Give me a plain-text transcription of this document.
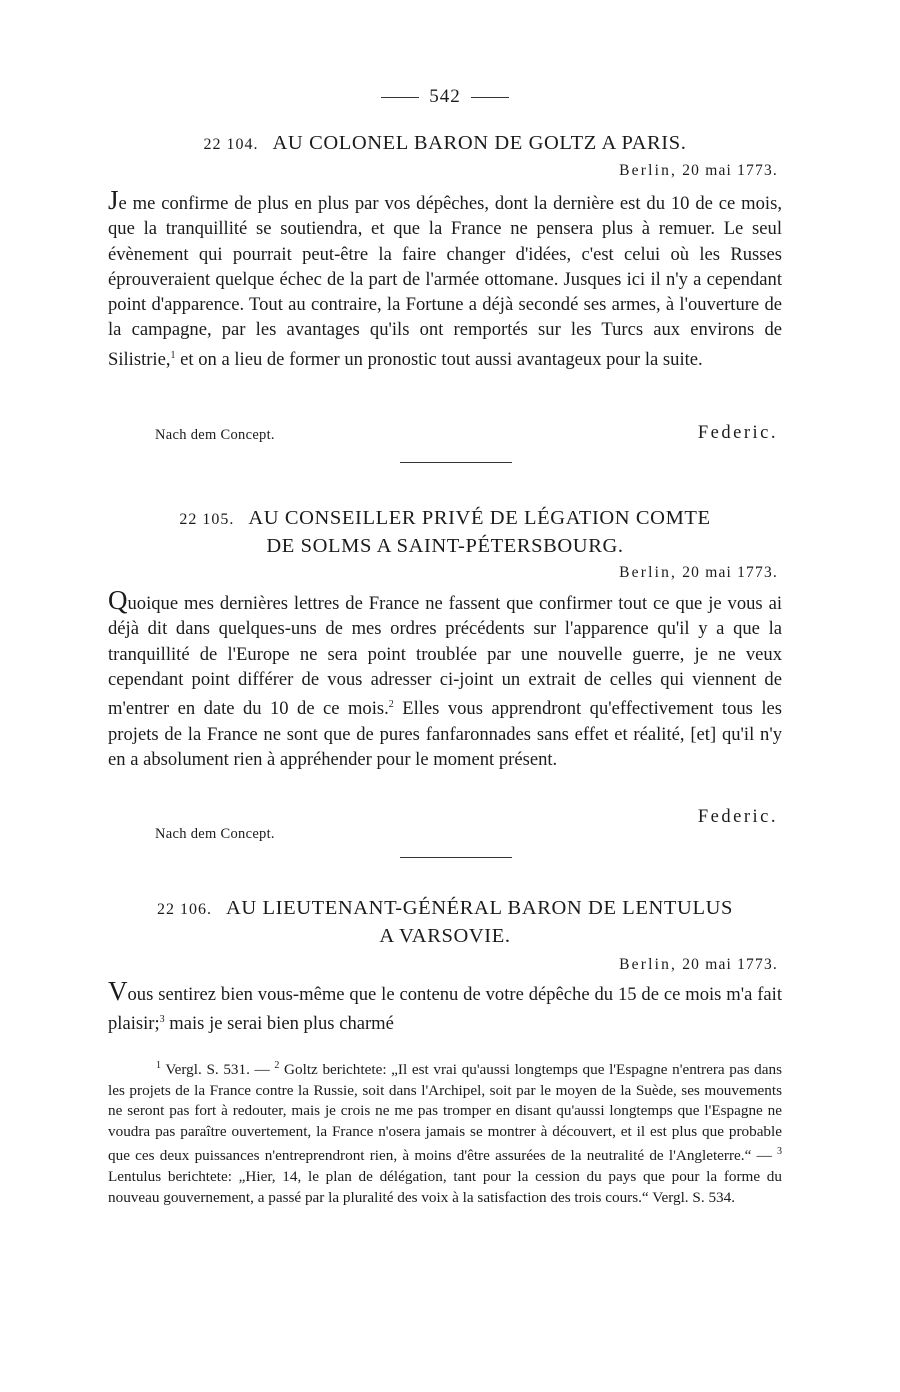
542
22 104. AU COLONEL BARON DE GOLTZ A PARIS.
Berlin, 20 mai 1773.
Je me confirme de plus en plus par vos dépêches, dont la dernière est du 10 de ce mois, que la tranquillité se soutiendra, et que la France ne pensera plus à remuer. Le seul évènement qui pourrait peut-être la faire changer d'idées, c'est celui où les Russes éprouveraient quelque échec de la part de l'armée ottomane. Jusques ici il n'y a cependant point d'apparence. Tout au contraire, la Fortune a déjà secondé ses armes, à l'ouverture de la campagne, par les avantages qu'ils ont remportés sur les Turcs aux environs de Silistrie,$^1$ et on a lieu de former un pronostic tout aussi avantageux pour la suite.
Nach dem Concept.	Federic.
22 105. AU CONSEILLER PRIVÉ DE LÉGATION COMTE
DE SOLMS A SAINT-PÉTERSBOURG.
Berlin, 20 mai 1773.
Quoique mes dernières lettres de France ne fassent que confirmer tout ce que je vous ai déjà dit dans quelques-uns de mes ordres précédents sur l'apparence qu'il y a que la tranquillité de l'Europe ne sera point troublée par une nouvelle guerre, je ne veux cependant point différer de vous adresser ci-joint un extrait de celles qui viennent de m'entrer en date du 10 de ce mois.$^2$ Elles vous apprendront qu'effectivement tous les projets de la France ne sont que de pures fanfaronnades sans effet et réalité, [et] qu'il n'y en a absolument rien à appréhender pour le moment présent.
Nach dem Concept.
Federic.
22 106. AU LIEUTENANT-GÉNÉRAL BARON DE LENTULUS
A VARSOVIE.
Berlin, 20 mai 1773.
Vous sentirez bien vous-même que le contenu de votre dépêche du 15 de ce mois m'a fait plaisir;$^3$ mais je serai bien plus charmé
$^1$ Vergl. S. 531. — $^2$ Goltz berichtete: „Il est vrai qu'aussi longtemps que l'Espagne n'entrera pas dans les projets de la France contre la Russie, soit dans l'Archipel, soit par le moyen de la Suède, ses mouvements ne seront pas fort à redouter, mais je crois ne me pas tromper en disant qu'aussi longtemps que l'Espagne ne voudra pas paraître ouvertement, la France n'osera jamais se montrer à découvert, et il est plus que probable que ces deux puissances n'entreprendront rien, à moins d'être assurées de la neutralité de l'Angleterre.“ — $^3$ Lentulus berichtete: „Hier, 14, le plan de délégation, tant pour la cession du pays que pour la forme du nouveau gouvernement, a passé par la pluralité des voix à la satisfaction des trois cours.“ Vergl. S. 534.
